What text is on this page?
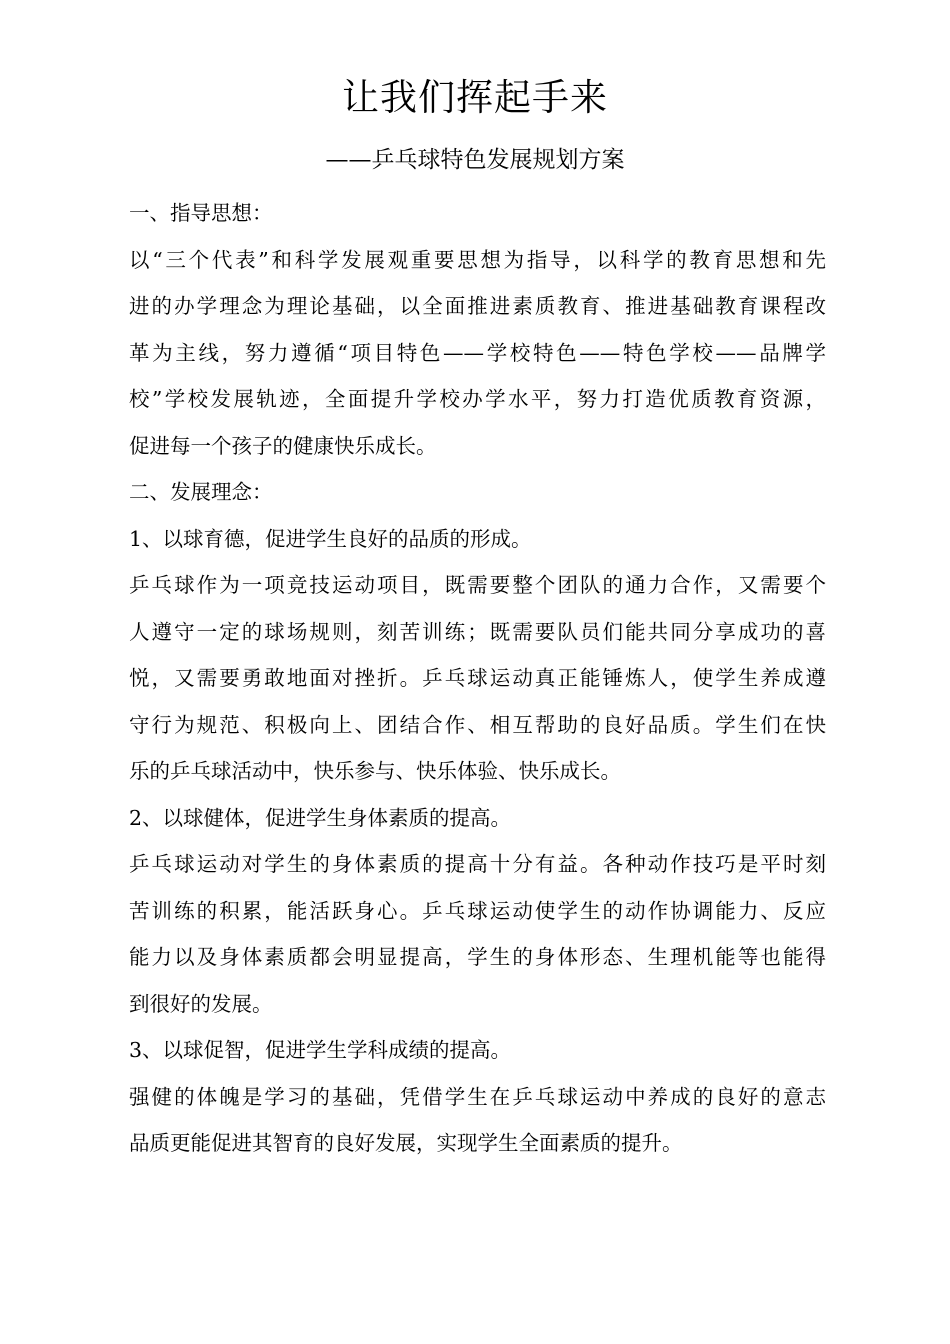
让我们挥起手来
——乒乓球特色发展规划方案
一、指导思想：
以“三个代表”和科学发展观重要思想为指导，以科学的教育思想和先
进的办学理念为理论基础，以全面推进素质教育、推进基础教育课程改
革为主线，努力遵循“项目特色——学校特色——特色学校——品牌学
校”学校发展轨迹，全面提升学校办学水平，努力打造优质教育资源，
促进每一个孩子的健康快乐成长。
二、发展理念：
1、以球育德，促进学生良好的品质的形成。
乒乓球作为一项竞技运动项目，既需要整个团队的通力合作，又需要个
人遵守一定的球场规则，刻苦训练；既需要队员们能共同分享成功的喜
悦，又需要勇敢地面对挫折。乒乓球运动真正能锤炼人，使学生养成遵
守行为规范、积极向上、团结合作、相互帮助的良好品质。学生们在快
乐的乒乓球活动中，快乐参与、快乐体验、快乐成长。
2、以球健体，促进学生身体素质的提高。
乒乓球运动对学生的身体素质的提高十分有益。各种动作技巧是平时刻
苦训练的积累，能活跃身心。乒乓球运动使学生的动作协调能力、反应
能力以及身体素质都会明显提高，学生的身体形态、生理机能等也能得
到很好的发展。
3、以球促智，促进学生学科成绩的提高。
强健的体魄是学习的基础，凭借学生在乒乓球运动中养成的良好的意志
品质更能促进其智育的良好发展，实现学生全面素质的提升。
